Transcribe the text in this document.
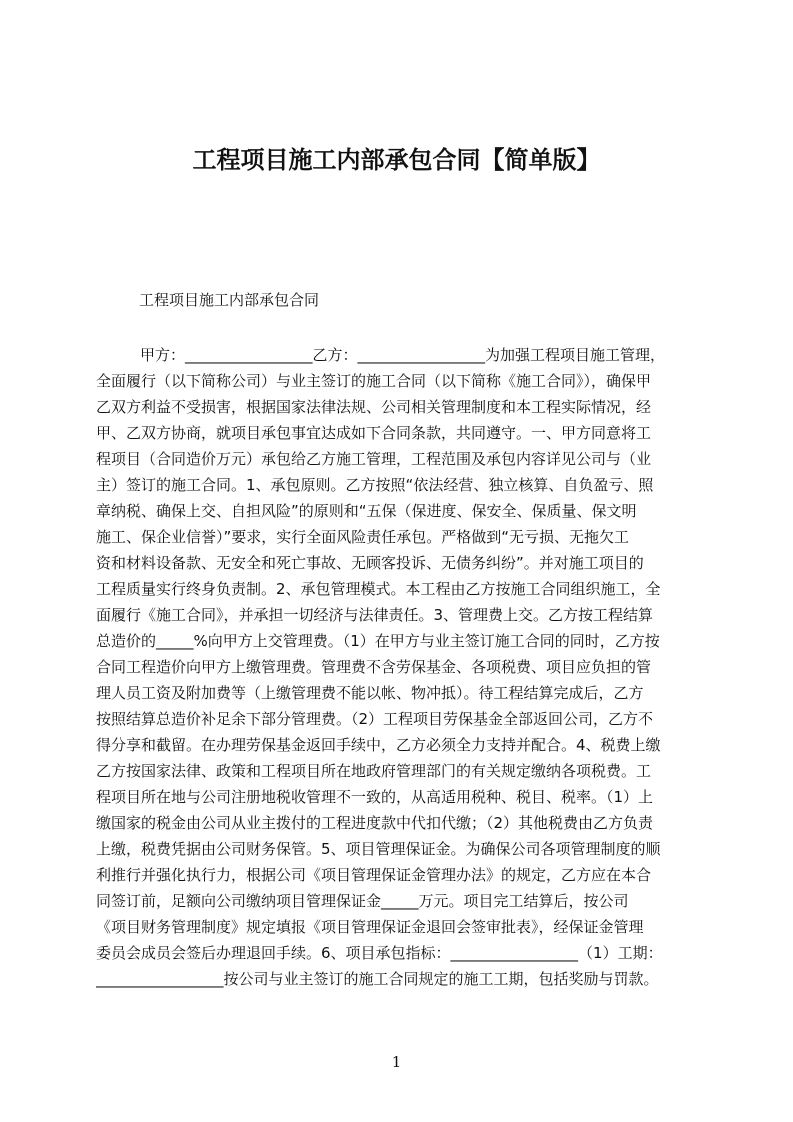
工程项目施工内部承包合同【简单版】

工程项目施工内部承包合同

甲方：_________________乙方：_________________为加强工程项目施工管理，
全面履行（以下简称公司）与业主签订的施工合同（以下简称《施工合同》），确保甲
乙双方利益不受损害，根据国家法律法规、公司相关管理制度和本工程实际情况，经
甲、乙双方协商，就项目承包事宜达成如下合同条款，共同遵守。一、甲方同意将工
程项目（合同造价万元）承包给乙方施工管理，工程范围及承包内容详见公司与（业
主）签订的施工合同。1、承包原则。乙方按照“依法经营、独立核算、自负盈亏、照
章纳税、确保上交、自担风险”的原则和“五保（保进度、保安全、保质量、保文明
施工、保企业信誉）”要求，实行全面风险责任承包。严格做到“无亏损、无拖欠工
资和材料设备款、无安全和死亡事故、无顾客投诉、无债务纠纷”。并对施工项目的
工程质量实行终身负责制。2、承包管理模式。本工程由乙方按施工合同组织施工，全
面履行《施工合同》，并承担一切经济与法律责任。3、管理费上交。乙方按工程结算
总造价的_____%向甲方上交管理费。（1）在甲方与业主签订施工合同的同时，乙方按
合同工程造价向甲方上缴管理费。管理费不含劳保基金、各项税费、项目应负担的管
理人员工资及附加费等（上缴管理费不能以帐、物冲抵）。待工程结算完成后，乙方
按照结算总造价补足余下部分管理费。（2）工程项目劳保基金全部返回公司，乙方不
得分享和截留。在办理劳保基金返回手续中，乙方必须全力支持并配合。4、税费上缴
乙方按国家法律、政策和工程项目所在地政府管理部门的有关规定缴纳各项税费。工
程项目所在地与公司注册地税收管理不一致的，从高适用税种、税目、税率。（1）上
缴国家的税金由公司从业主拨付的工程进度款中代扣代缴；（2）其他税费由乙方负责
上缴，税费凭据由公司财务保管。5、项目管理保证金。为确保公司各项管理制度的顺
利推行并强化执行力，根据公司《项目管理保证金管理办法》的规定，乙方应在本合
同签订前，足额向公司缴纳项目管理保证金_____万元。项目完工结算后，按公司
《项目财务管理制度》规定填报《项目管理保证金退回会签审批表》，经保证金管理
委员会成员会签后办理退回手续。6、项目承包指标：_________________（1）工期：
_________________按公司与业主签订的施工合同规定的施工工期，包括奖励与罚款。
1
